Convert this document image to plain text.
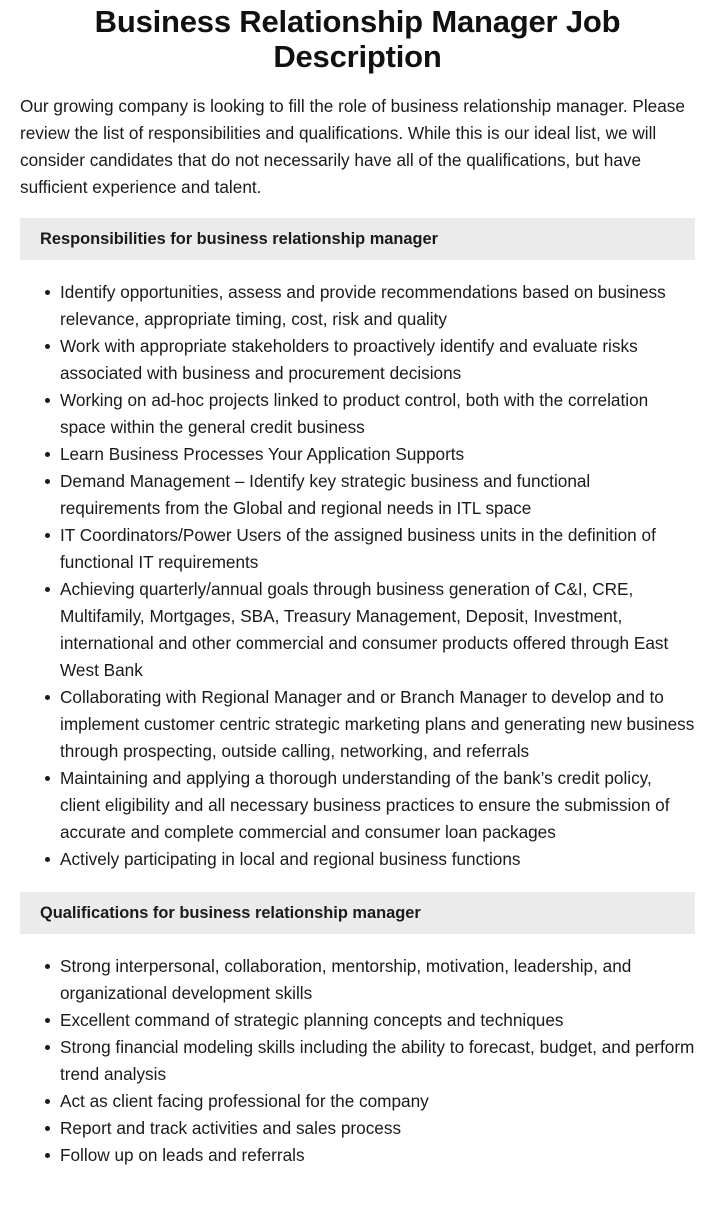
Business Relationship Manager Job Description

Our growing company is looking to fill the role of business relationship manager. Please review the list of responsibilities and qualifications. While this is our ideal list, we will consider candidates that do not necessarily have all of the qualifications, but have sufficient experience and talent.

Responsibilities for business relationship manager
Identify opportunities, assess and provide recommendations based on business relevance, appropriate timing, cost, risk and quality
Work with appropriate stakeholders to proactively identify and evaluate risks associated with business and procurement decisions
Working on ad-hoc projects linked to product control, both with the correlation space within the general credit business
Learn Business Processes Your Application Supports
Demand Management – Identify key strategic business and functional requirements from the Global and regional needs in ITL space
IT Coordinators/Power Users of the assigned business units in the definition of functional IT requirements
Achieving quarterly/annual goals through business generation of C&I, CRE, Multifamily, Mortgages, SBA, Treasury Management, Deposit, Investment, international and other commercial and consumer products offered through East West Bank
Collaborating with Regional Manager and or Branch Manager to develop and to implement customer centric strategic marketing plans and generating new business through prospecting, outside calling, networking, and referrals
Maintaining and applying a thorough understanding of the bank’s credit policy, client eligibility and all necessary business practices to ensure the submission of accurate and complete commercial and consumer loan packages
Actively participating in local and regional business functions
Qualifications for business relationship manager
Strong interpersonal, collaboration, mentorship, motivation, leadership, and organizational development skills
Excellent command of strategic planning concepts and techniques
Strong financial modeling skills including the ability to forecast, budget, and perform trend analysis
Act as client facing professional for the company
Report and track activities and sales process
Follow up on leads and referrals
